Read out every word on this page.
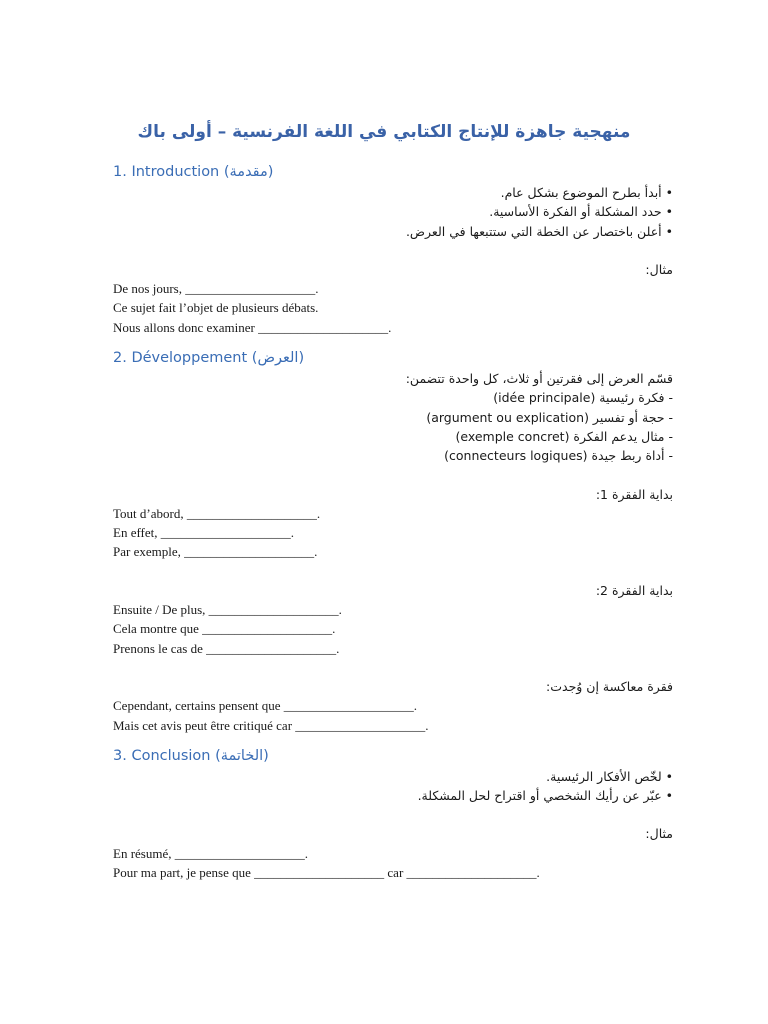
منهجية جاهزة للإنتاج الكتابي في اللغة الفرنسية – أولى باك
1. Introduction (مقدمة)
• أبدأ بطرح الموضوع بشكل عام.
• حدد المشكلة أو الفكرة الأساسية.
• أعلن باختصار عن الخطة التي ستتبعها في العرض.
مثال:
De nos jours, ____________________.
Ce sujet fait l’objet de plusieurs débats.
Nous allons donc examiner ____________________.
2. Développement (العرض)
قسّم العرض إلى فقرتين أو ثلاث، كل واحدة تتضمن:
- فكرة رئيسية (idée principale)
- حجة أو تفسير (argument ou explication)
- مثال يدعم الفكرة (exemple concret)
- أداة ربط جيدة (connecteurs logiques)
بداية الفقرة 1:
Tout d’abord, ____________________.
En effet, ____________________.
Par exemple, ____________________.
بداية الفقرة 2:
Ensuite / De plus, ____________________.
Cela montre que ____________________.
Prenons le cas de ____________________.
فقرة معاكسة إن وُجدت:
Cependant, certains pensent que ____________________.
Mais cet avis peut être critiqué car ____________________.
3. Conclusion (الخاتمة)
• لخّص الأفكار الرئيسية.
• عبّر عن رأيك الشخصي أو اقتراح لحل المشكلة.
مثال:
En résumé, ____________________.
Pour ma part, je pense que ____________________ car ____________________.
